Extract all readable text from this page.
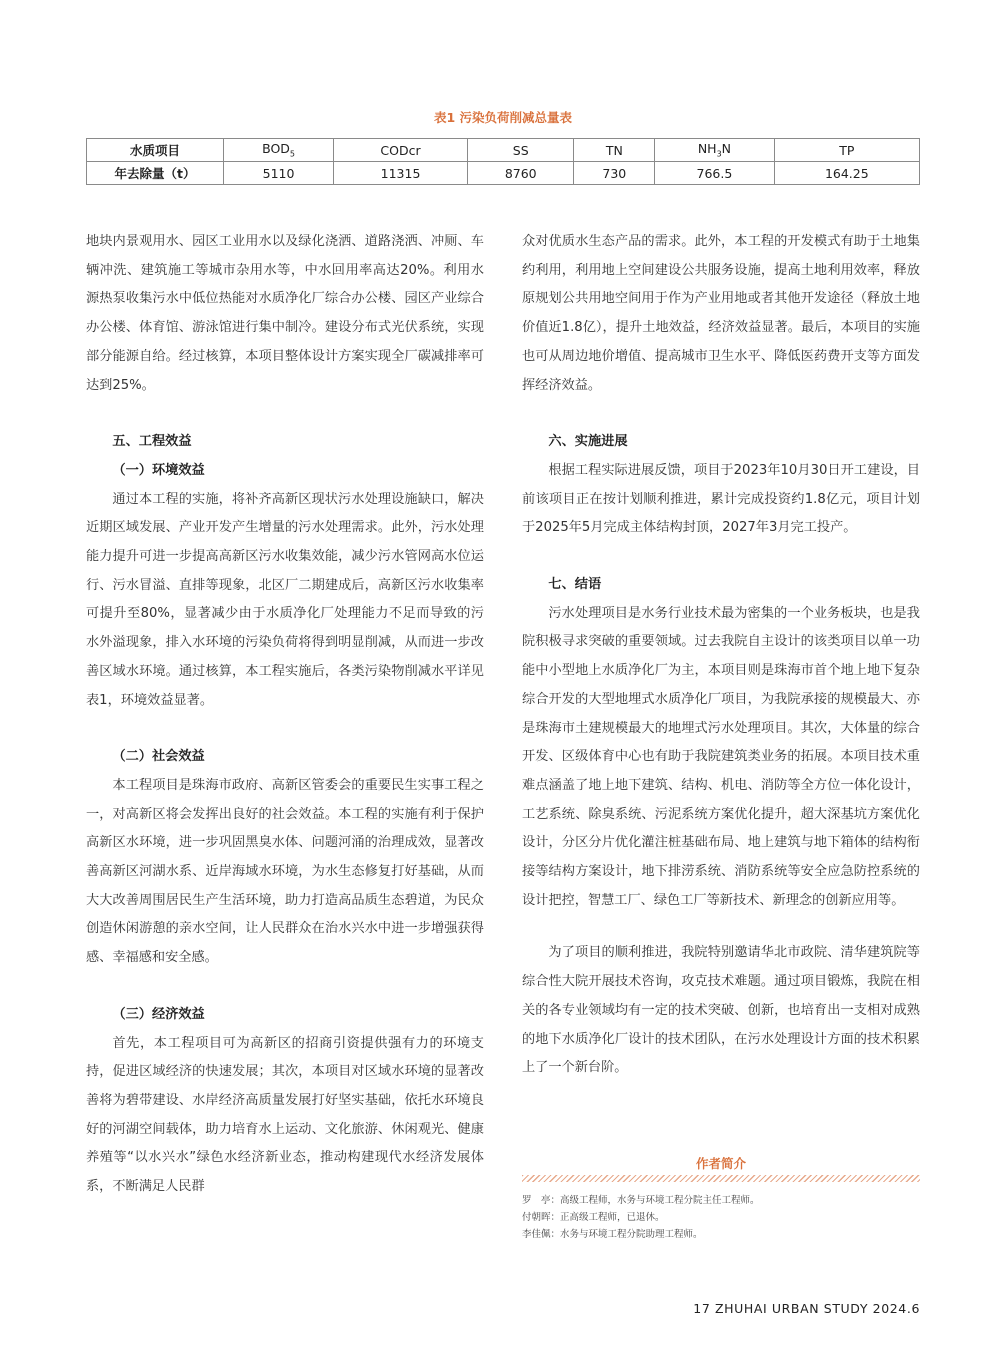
表1 污染负荷削减总量表

水质项目	$BOD_5$	CODcr	SS	TN	$NH_3N$	TP
年去除量（t）	5110	11315	8760	730	766.5	164.25

地块内景观用水、园区工业用水以及绿化浇洒、道路浇洒、冲厕、车辆冲洗、建筑施工等城市杂用水等，中水回用率高达20%。利用水源热泵收集污水中低位热能对水质净化厂综合办公楼、园区产业综合办公楼、体育馆、游泳馆进行集中制冷。建设分布式光伏系统，实现部分能源自给。经过核算，本项目整体设计方案实现全厂碳减排率可达到25%。

五、工程效益

（一）环境效益

通过本工程的实施，将补齐高新区现状污水处理设施缺口，解决近期区域发展、产业开发产生增量的污水处理需求。此外，污水处理能力提升可进一步提高高新区污水收集效能，减少污水管网高水位运行、污水冒溢、直排等现象，北区厂二期建成后，高新区污水收集率可提升至80%，显著减少由于水质净化厂处理能力不足而导致的污水外溢现象，排入水环境的污染负荷将得到明显削减，从而进一步改善区域水环境。通过核算，本工程实施后，各类污染物削减水平详见表1，环境效益显著。

（二）社会效益

本工程项目是珠海市政府、高新区管委会的重要民生实事工程之一，对高新区将会发挥出良好的社会效益。本工程的实施有利于保护高新区水环境，进一步巩固黑臭水体、问题河涌的治理成效，显著改善高新区河湖水系、近岸海域水环境，为水生态修复打好基础，从而大大改善周围居民生产生活环境，助力打造高品质生态碧道，为民众创造休闲游憩的亲水空间，让人民群众在治水兴水中进一步增强获得感、幸福感和安全感。

（三）经济效益

首先，本工程项目可为高新区的招商引资提供强有力的环境支持，促进区域经济的快速发展；其次，本项目对区域水环境的显著改善将为碧带建设、水岸经济高质量发展打好坚实基础，依托水环境良好的河湖空间载体，助力培育水上运动、文化旅游、休闲观光、健康养殖等“以水兴水”绿色水经济新业态，推动构建现代水经济发展体系，不断满足人民群

众对优质水生态产品的需求。此外，本工程的开发模式有助于土地集约利用，利用地上空间建设公共服务设施，提高土地利用效率，释放原规划公共用地空间用于作为产业用地或者其他开发途径（释放土地价值近1.8亿），提升土地效益，经济效益显著。最后，本项目的实施也可从周边地价增值、提高城市卫生水平、降低医药费开支等方面发挥经济效益。

六、实施进展

根据工程实际进展反馈，项目于2023年10月30日开工建设，目前该项目正在按计划顺利推进，累计完成投资约1.8亿元，项目计划于2025年5月完成主体结构封顶，2027年3月完工投产。

七、结语

污水处理项目是水务行业技术最为密集的一个业务板块，也是我院积极寻求突破的重要领域。过去我院自主设计的该类项目以单一功能中小型地上水质净化厂为主，本项目则是珠海市首个地上地下复杂综合开发的大型地埋式水质净化厂项目，为我院承接的规模最大、亦是珠海市土建规模最大的地埋式污水处理项目。其次，大体量的综合开发、区级体育中心也有助于我院建筑类业务的拓展。本项目技术重难点涵盖了地上地下建筑、结构、机电、消防等全方位一体化设计，工艺系统、除臭系统、污泥系统方案优化提升，超大深基坑方案优化设计，分区分片优化灌注桩基础布局、地上建筑与地下箱体的结构衔接等结构方案设计，地下排涝系统、消防系统等安全应急防控系统的设计把控，智慧工厂、绿色工厂等新技术、新理念的创新应用等。

为了项目的顺利推进，我院特别邀请华北市政院、清华建筑院等综合性大院开展技术咨询，攻克技术难题。通过项目锻炼，我院在相关的各专业领域均有一定的技术突破、创新，也培育出一支相对成熟的地下水质净化厂设计的技术团队，在污水处理设计方面的技术积累上了一个新台阶。

作者简介

罗　亭：高级工程师，水务与环境工程分院主任工程师。

付朝晖：正高级工程师，已退休。

李佳佩：水务与环境工程分院助理工程师。

17 ZHUHAI URBAN STUDY 2024.6
